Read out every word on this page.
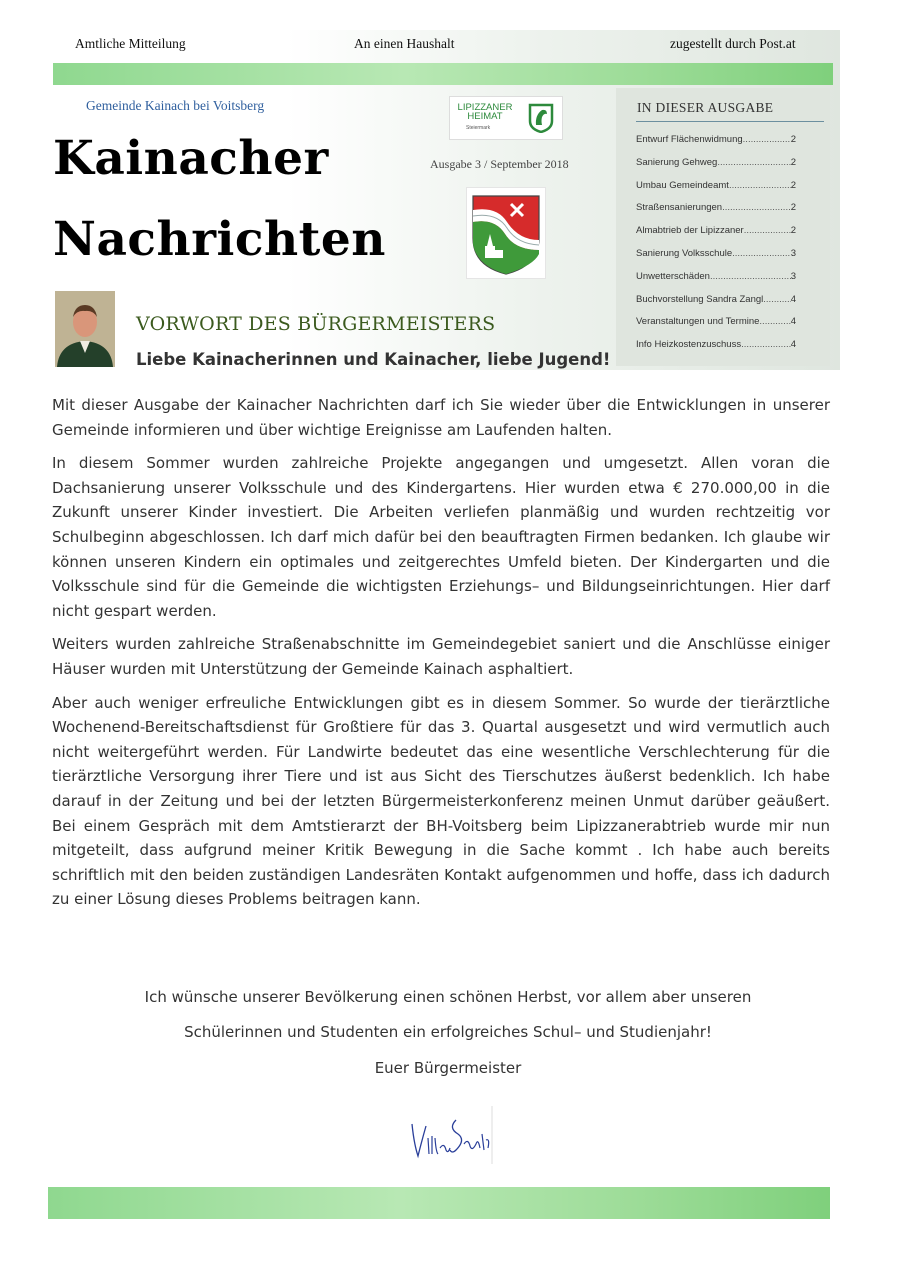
Amtliche Mitteilung	An einen Haushalt	zugestellt durch Post.at
Gemeinde Kainach bei Voitsberg
Kainacher
Nachrichten
LIPIZZANER
HEIMAT
Steiermark
Ausgabe 3 / September 2018
IN DIESER AUSGABE
Entwurf Flächenwidmung .....	2
Sanierung Gehweg .....	2
Umbau Gemeindeamt .....	2
Straßensanierungen .....	2
Almabtrieb der Lipizzaner .....	2
Sanierung Volksschule .....	3
Unwetterschäden .....	3
Buchvorstellung Sandra Zangl .....	4
Veranstaltungen und Termine .....	4
Info Heizkostenzuschuss .....	4
VORWORT DES BÜRGERMEISTERS
Liebe Kainacherinnen und Kainacher, liebe Jugend!

Mit dieser Ausgabe der Kainacher Nachrichten darf ich Sie wieder über die Entwicklungen in unserer Gemeinde informieren und über wichtige Ereignisse am Laufenden halten.

In diesem Sommer wurden zahlreiche Projekte angegangen und umgesetzt. Allen voran die Dachsanierung unserer Volksschule und des Kindergartens. Hier wurden etwa € 270.000,00 in die Zukunft unserer Kinder investiert. Die Arbeiten verliefen planmäßig und wurden rechtzeitig vor Schulbeginn abgeschlossen. Ich darf mich dafür bei den beauftragten Firmen bedanken. Ich glaube wir können unseren Kindern ein optimales und zeitgerechtes Umfeld bieten. Der Kindergarten und die Volksschule sind für die Gemeinde die wichtigsten Erziehungs– und Bildungseinrichtungen. Hier darf nicht gespart werden.

Weiters wurden zahlreiche Straßenabschnitte im Gemeindegebiet saniert und die Anschlüsse einiger Häuser wurden mit Unterstützung der Gemeinde Kainach asphaltiert.

Aber auch weniger erfreuliche Entwicklungen gibt es in diesem Sommer. So wurde der tierärztliche Wochenend-Bereitschaftsdienst für Großtiere für das 3. Quartal ausgesetzt und wird vermutlich auch nicht weitergeführt werden. Für Landwirte bedeutet das eine wesentliche Verschlechterung für die tierärztliche Versorgung ihrer Tiere und ist aus Sicht des Tierschutzes äußerst bedenklich. Ich habe darauf in der Zeitung und bei der letzten Bürgermeisterkonferenz meinen Unmut darüber geäußert. Bei einem Gespräch mit dem Amtstierarzt der BH-Voitsberg beim Lipizzanerabtrieb wurde mir nun mitgeteilt, dass aufgrund meiner Kritik Bewegung in die Sache kommt . Ich habe auch bereits schriftlich mit den beiden zuständigen Landesräten Kontakt aufgenommen und hoffe, dass ich dadurch zu einer Lösung dieses Problems beitragen kann.

Ich wünsche unserer Bevölkerung einen schönen Herbst, vor allem aber unseren
Schülerinnen und Studenten ein erfolgreiches Schul– und Studienjahr!
Euer Bürgermeister
